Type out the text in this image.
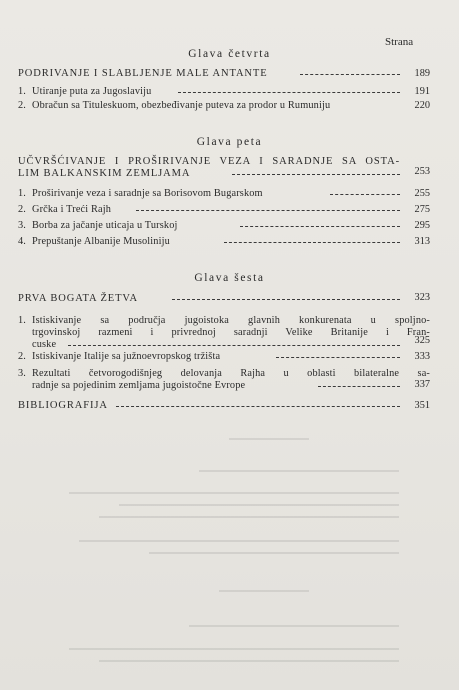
Strana
Glava četvrta
PODRIVANJE I SLABLJENJE MALE ANTANTE	189
1. Utiranje puta za Jugoslaviju	191
2. Obračun sa Tituleskuom, obezbeđivanje puteva za prodor u Rumuniju	220
Glava peta
UČVRŠĆIVANJE I PROŠIRIVANJE VEZA I SARADNJE SA OSTA-
LIM BALKANSKIM ZEMLJAMA	253
1. Proširivanje veza i saradnje sa Borisovom Bugarskom	255
2. Grčka i Treći Rajh	275
3. Borba za jačanje uticaja u Turskoj	295
4. Prepuštanje Albanije Musoliniju	313
Glava šesta
PRVA BOGATA ŽETVA	323
1. Istiskivanje sa područja jugoistoka glavnih konkurenata u spoljno-
trgovinskoj razmeni i privrednoj saradnji Velike Britanije i Fran-
cuske	325
2. Istiskivanje Italije sa južnoevropskog tržišta	333
3. Rezultati četvorogodišnjeg delovanja Rajha u oblasti bilateralne sa-
radnje sa pojedinim zemljama jugoistočne Evrope	337
BIBLIOGRAFIJA	351
